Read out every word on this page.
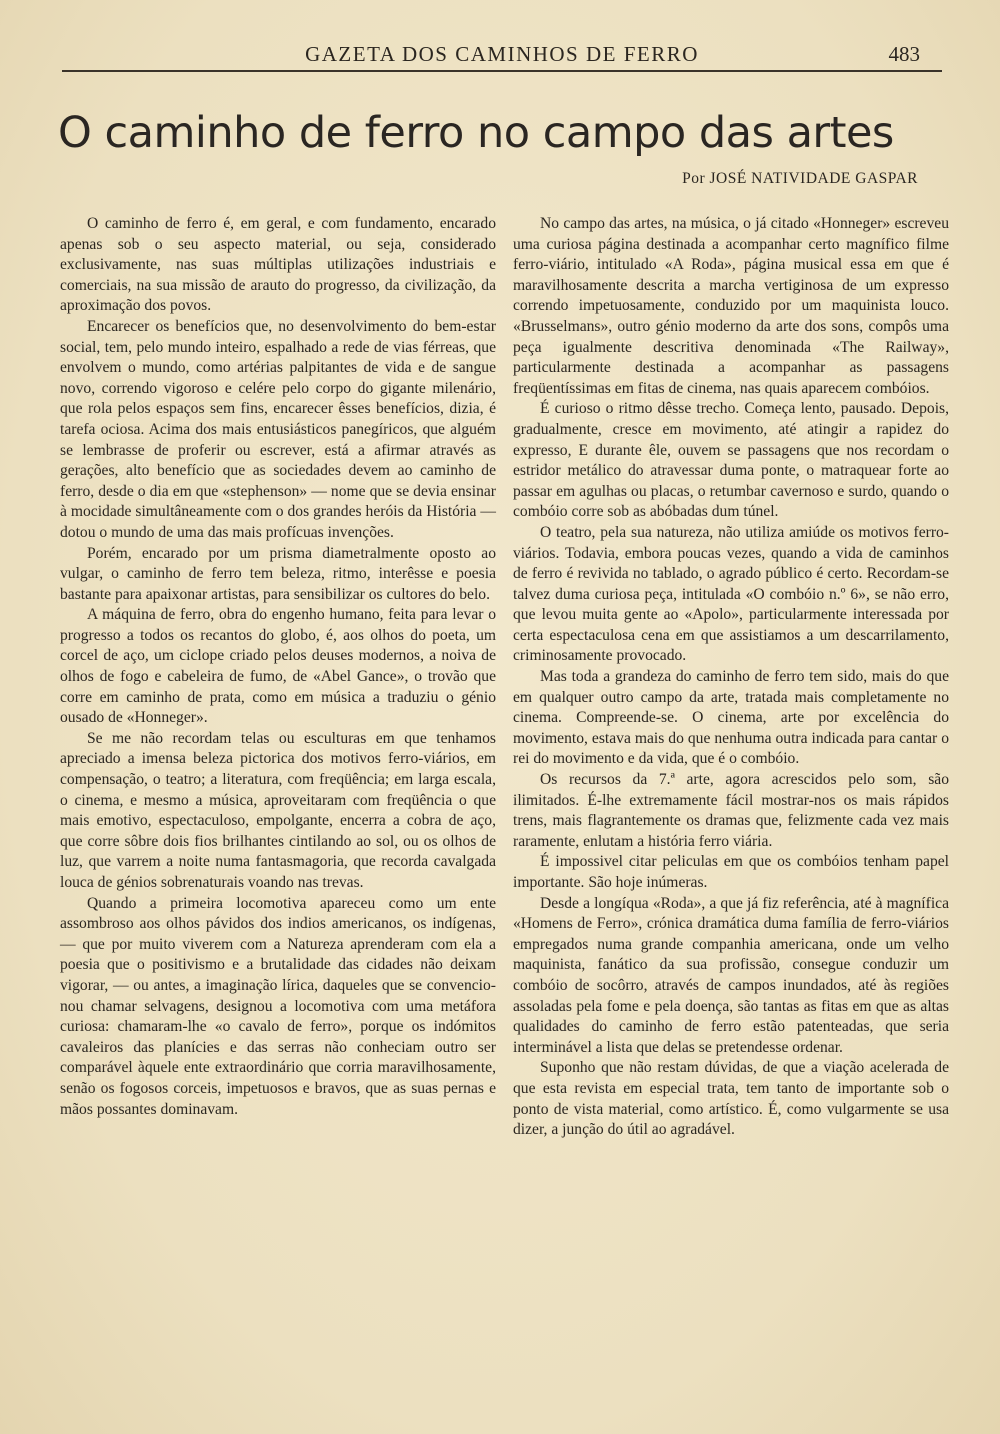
GAZETA DOS CAMINHOS DE FERRO	483
O caminho de ferro no campo das artes
Por JOSÉ NATIVIDADE GASPAR

O caminho de ferro é, em geral, e com fundamento, encarado apenas sob o seu aspecto material, ou seja, considerado exclusivamente, nas suas múltiplas utilizações industriais e comerciais, na sua missão de arauto do progresso, da civilização, da aproximação dos povos.

Encarecer os benefícios que, no desenvolvimento do bem-estar social, tem, pelo mundo inteiro, espalhado a rede de vias férreas, que envolvem o mundo, como artérias palpitantes de vida e de sangue novo, correndo vigoroso e celére pelo corpo do gigante milenário, que rola pelos espaços sem fins, encarecer êsses benefícios, dizia, é tarefa ociosa. Acima dos mais entusiásticos panegíricos, que alguém se lembrasse de proferir ou escrever, está a afirmar através as gerações, alto benefício que as sociedades devem ao caminho de ferro, desde o dia em que «stephenson» — nome que se devia ensinar à mocidade simultâneamente com o dos grandes heróis da História — dotou o mundo de uma das mais profícuas invenções.

Porém, encarado por um prisma diametralmente oposto ao vulgar, o caminho de ferro tem beleza, ritmo, interêsse e poesia bastante para apaixonar artistas, para sensibilizar os cultores do belo.

A máquina de ferro, obra do engenho humano, feita para levar o progresso a todos os recantos do globo, é, aos olhos do poeta, um corcel de aço, um ciclope criado pelos deuses modernos, a noiva de olhos de fogo e cabeleira de fumo, de «Abel Gance», o trovão que corre em caminho de prata, como em música a traduziu o génio ousado de «Honneger».

Se me não recordam telas ou esculturas em que tenhamos apreciado a imensa beleza pictorica dos motivos ferro-viários, em compensação, o teatro; a literatura, com freqüência; em larga escala, o cinema, e mesmo a música, aproveitaram com freqüência o que mais emotivo, espectaculoso, empolgante, encerra a cobra de aço, que corre sôbre dois fios brilhantes cintilando ao sol, ou os olhos de luz, que varrem a noite numa fantasmagoria, que recorda cavalgada louca de génios sobrenaturais voando nas trevas.

Quando a primeira locomotiva apareceu como um ente assombroso aos olhos pávidos dos indios americanos, os indígenas, — que por muito viverem com a Natureza aprenderam com ela a poesia que o positivismo e a brutalidade das cidades não deixam vigorar, — ou antes, a imaginação lírica, daqueles que se convencionou chamar selvagens, designou a locomotiva com uma metáfora curiosa: chamaram-lhe «o cavalo de ferro», porque os indómitos cavaleiros das planícies e das serras não conheciam outro ser comparável àquele ente extraordinário que corria maravilhosamente, senão os fogosos corceis, impetuosos e bravos, que as suas pernas e mãos possantes dominavam.

No campo das artes, na música, o já citado «Honneger» escreveu uma curiosa página destinada a acompanhar certo magnífico filme ferro-viário, intitulado «A Roda», página musical essa em que é maravilhosamente descrita a marcha vertiginosa de um expresso correndo impetuosamente, conduzido por um maquinista louco. «Brusselmans», outro génio moderno da arte dos sons, compôs uma peça igualmente descritiva denominada «The Railway», particularmente destinada a acompanhar as passagens freqüentíssimas em fitas de cinema, nas quais aparecem combóios.

É curioso o ritmo dêsse trecho. Começa lento, pausado. Depois, gradualmente, cresce em movimento, até atingir a rapidez do expresso, E durante êle, ouvem se passagens que nos recordam o estridor metálico do atravessar duma ponte, o matraquear forte ao passar em agulhas ou placas, o retumbar cavernoso e surdo, quando o combóio corre sob as abóbadas dum túnel.

O teatro, pela sua natureza, não utiliza amiúde os motivos ferro-viários. Todavia, embora poucas vezes, quando a vida de caminhos de ferro é revivida no tablado, o agrado público é certo. Recordam-se talvez duma curiosa peça, intitulada «O combóio n.º 6», se não erro, que levou muita gente ao «Apolo», particularmente interessada por certa espectaculosa cena em que assistiamos a um descarrilamento, criminosamente provocado.

Mas toda a grandeza do caminho de ferro tem sido, mais do que em qualquer outro campo da arte, tratada mais completamente no cinema. Compreende-se. O cinema, arte por excelência do movimento, estava mais do que nenhuma outra indicada para cantar o rei do movimento e da vida, que é o combóio.

Os recursos da 7.ª arte, agora acrescidos pelo som, são ilimitados. É-lhe extremamente fácil mostrar-nos os mais rápidos trens, mais flagrantemente os dramas que, felizmente cada vez mais raramente, enlutam a história ferro viária.

É impossivel citar peliculas em que os combóios tenham papel importante. São hoje inúmeras.

Desde a longíqua «Roda», a que já fiz referência, até à magnífica «Homens de Ferro», crónica dramática duma família de ferro-viários empregados numa grande companhia americana, onde um velho maquinista, fanático da sua profissão, consegue conduzir um combóio de socôrro, através de campos inundados, até às regiões assoladas pela fome e pela doença, são tantas as fitas em que as altas qualidades do caminho de ferro estão patenteadas, que seria interminável a lista que delas se pretendesse ordenar.

Suponho que não restam dúvidas, de que a viação acelerada de que esta revista em especial trata, tem tanto de importante sob o ponto de vista material, como artístico. É, como vulgarmente se usa dizer, a junção do útil ao agradável.
